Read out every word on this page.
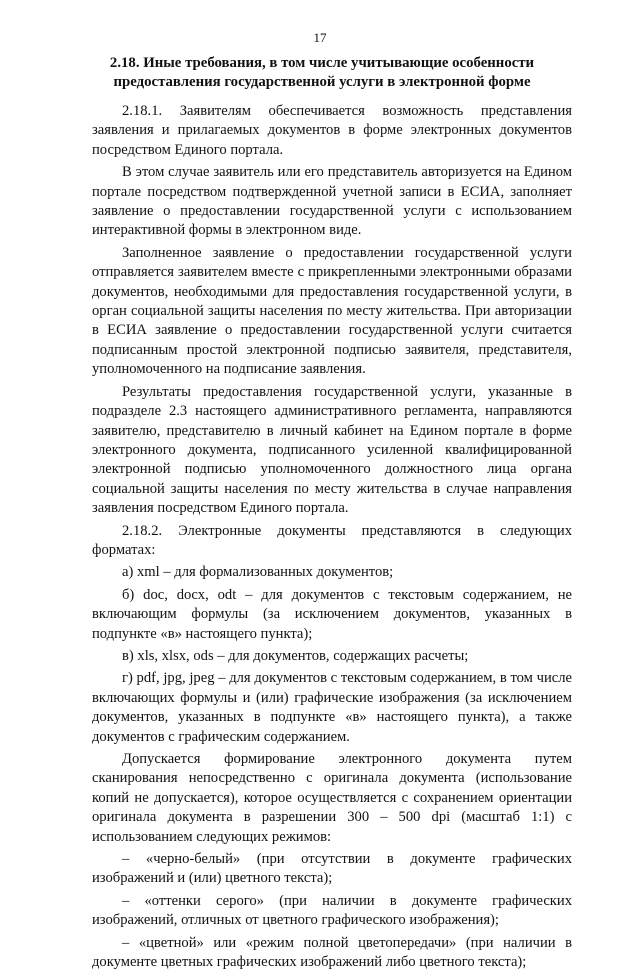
17
2.18. Иные требования, в том числе учитывающие особенности предоставления государственной услуги в электронной форме

2.18.1. Заявителям обеспечивается возможность представления заявления и прилагаемых документов в форме электронных документов посредством Единого портала.

В этом случае заявитель или его представитель авторизуется на Едином портале посредством подтвержденной учетной записи в ЕСИА, заполняет заявление о предоставлении государственной услуги с использованием интерактивной формы в электронном виде.

Заполненное заявление о предоставлении государственной услуги отправляется заявителем вместе с прикрепленными электронными образами документов, необходимыми для предоставления государственной услуги, в орган социальной защиты населения по месту жительства. При авторизации в ЕСИА заявление о предоставлении государственной услуги считается подписанным простой электронной подписью заявителя, представителя, уполномоченного на подписание заявления.

Результаты предоставления государственной услуги, указанные в подразделе 2.3 настоящего административного регламента, направляются заявителю, представителю в личный кабинет на Едином портале в форме электронного документа, подписанного усиленной квалифицированной электронной подписью уполномоченного должностного лица органа социальной защиты населения по месту жительства в случае направления заявления посредством Единого портала.

2.18.2. Электронные документы представляются в следующих форматах:

а) xml – для формализованных документов;

б) doc, docx, odt – для документов с текстовым содержанием, не включающим формулы (за исключением документов, указанных в подпункте «в» настоящего пункта);

в) xls, xlsx, ods – для документов, содержащих расчеты;

г) pdf, jpg, jpeg – для документов с текстовым содержанием, в том числе включающих формулы и (или) графические изображения (за исключением документов, указанных в подпункте «в» настоящего пункта), а также документов с графическим содержанием.

Допускается формирование электронного документа путем сканирования непосредственно с оригинала документа (использование копий не допускается), которое осуществляется с сохранением ориентации оригинала документа в разрешении 300 – 500 dpi (масштаб 1:1) с использованием следующих режимов:

– «черно-белый» (при отсутствии в документе графических изображений и (или) цветного текста);

– «оттенки серого» (при наличии в документе графических изображений, отличных от цветного графического изображения);

– «цветной» или «режим полной цветопередачи» (при наличии в документе цветных графических изображений либо цветного текста);
